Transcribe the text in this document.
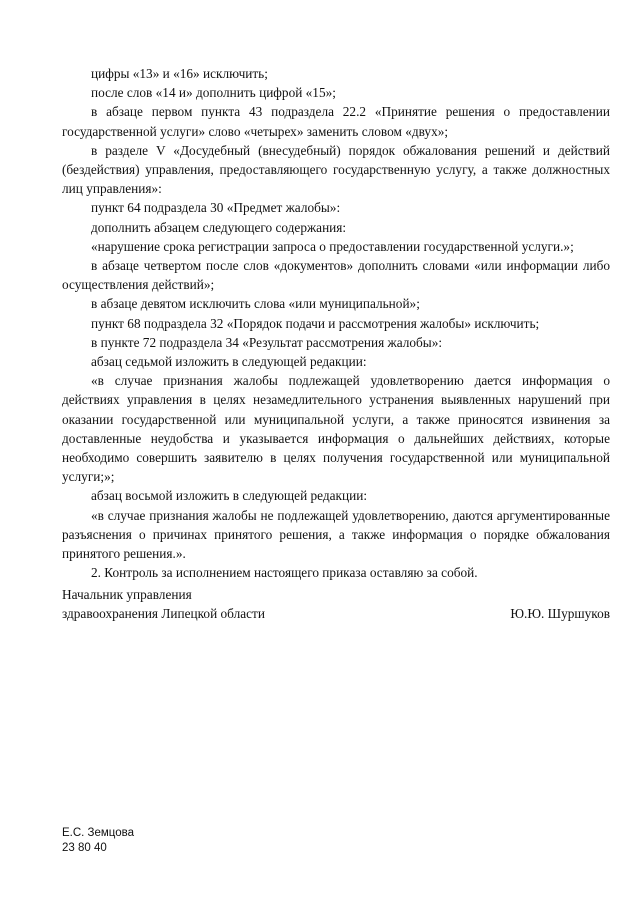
цифры «13» и «16» исключить;

после слов «14 и» дополнить цифрой «15»;

в абзаце первом пункта 43 подраздела 22.2 «Принятие решения о предоставлении государственной услуги» слово «четырех» заменить словом «двух»;

в разделе V «Досудебный (внесудебный) порядок обжалования решений и действий (бездействия) управления, предоставляющего государственную услугу, а также должностных лиц управления»:

пункт 64 подраздела 30 «Предмет жалобы»:

дополнить абзацем следующего содержания:

«нарушение срока регистрации запроса о предоставлении государственной услуги.»;

в абзаце четвертом после слов «документов» дополнить словами «или информации либо осуществления действий»;

в абзаце девятом исключить слова «или муниципальной»;

пункт 68 подраздела 32 «Порядок подачи и рассмотрения жалобы» исключить;

в пункте 72 подраздела 34 «Результат рассмотрения жалобы»:

абзац седьмой изложить в следующей редакции:

«в случае признания жалобы подлежащей удовлетворению дается информация о действиях управления в целях незамедлительного устранения выявленных нарушений при оказании государственной или муниципальной услуги, а также приносятся извинения за доставленные неудобства и указывается информация о дальнейших действиях, которые необходимо совершить заявителю в целях получения государственной или муниципальной услуги;»;

абзац восьмой изложить в следующей редакции:

«в случае признания жалобы не подлежащей удовлетворению, даются аргументированные разъяснения о причинах принятого решения, а также информация о порядке обжалования принятого решения.».

2. Контроль за исполнением настоящего приказа оставляю за собой.

Начальник управления
здравоохранения Липецкой области	Ю.Ю. Шуршуков
Е.С. Земцова
23 80 40
